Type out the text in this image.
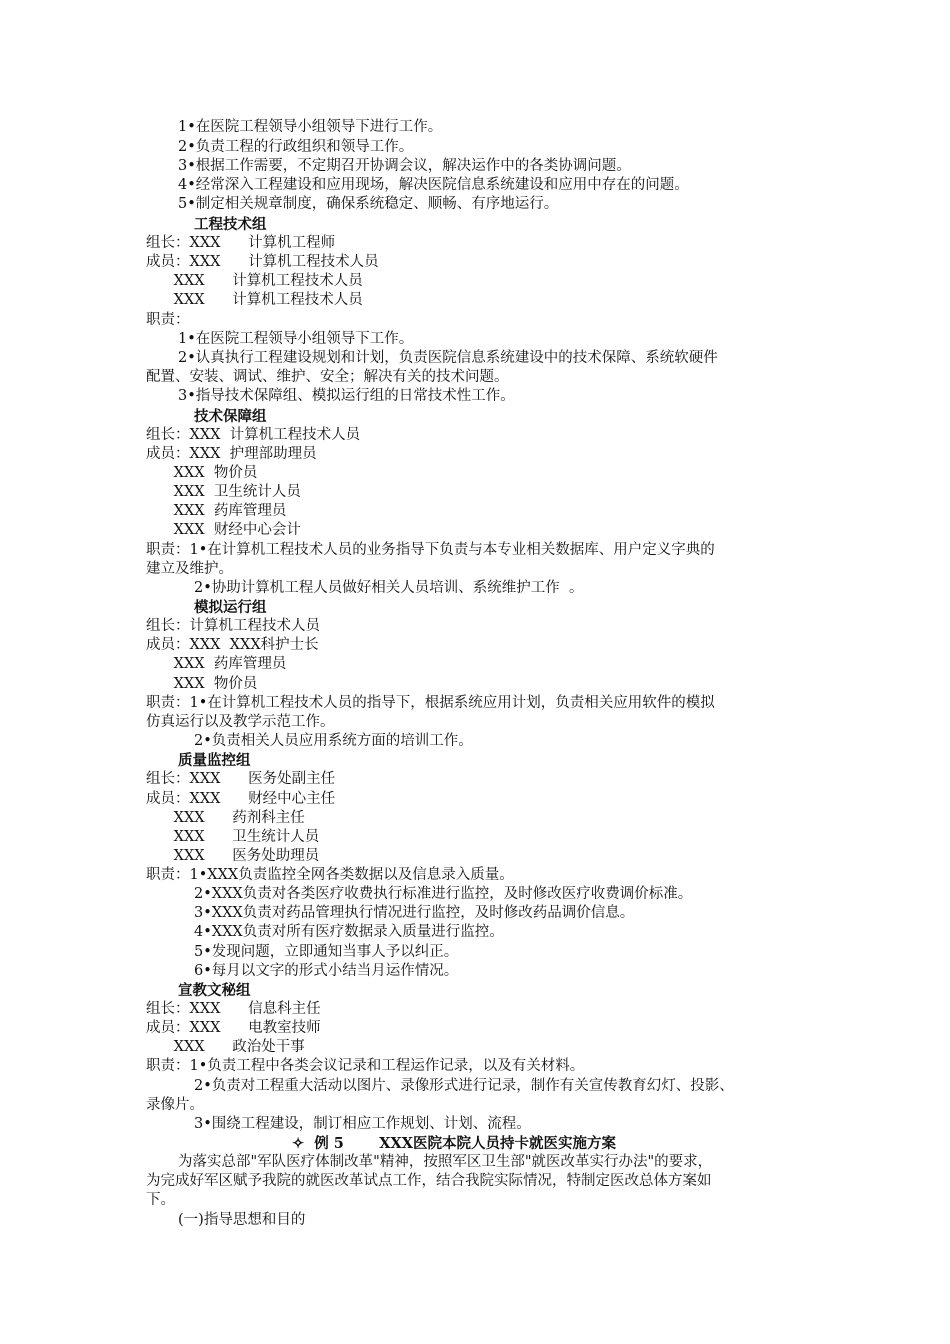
1•在医院工程领导小组领导下进行工作。
2•负责工程的行政组织和领导工作。
3•根据工作需要，不定期召开协调会议，解决运作中的各类协调问题。
4•经常深入工程建设和应用现场，解决医院信息系统建设和应用中存在的问题。
5•制定相关规章制度，确保系统稳定、顺畅、有序地运行。
工程技术组
组长：XXX      计算机工程师
成员：XXX      计算机工程技术人员
XXX      计算机工程技术人员
XXX      计算机工程技术人员
职责：
1•在医院工程领导小组领导下工作。
2•认真执行工程建设规划和计划，负责医院信息系统建设中的技术保障、系统软硬件
配置、安装、调试、维护、安全；解决有关的技术问题。
3•指导技术保障组、模拟运行组的日常技术性工作。
技术保障组
组长：XXX  计算机工程技术人员
成员：XXX  护理部助理员
XXX  物价员
XXX  卫生统计人员
XXX  药库管理员
XXX  财经中心会计
职责：1•在计算机工程技术人员的业务指导下负责与本专业相关数据库、用户定义字典的
建立及维护。
2•协助计算机工程人员做好相关人员培训、系统维护工作  。
模拟运行组
组长：计算机工程技术人员
成员：XXX  XXX科护士长
XXX  药库管理员
XXX  物价员
职责：1•在计算机工程技术人员的指导下，根据系统应用计划，负责相关应用软件的模拟
仿真运行以及教学示范工作。
2•负责相关人员应用系统方面的培训工作。
质量监控组
组长：XXX      医务处副主任
成员：XXX      财经中心主任
XXX      药剂科主任
XXX      卫生统计人员
XXX      医务处助理员
职责：1•XXX负责监控全网各类数据以及信息录入质量。
2•XXX负责对各类医疗收费执行标准进行监控，及时修改医疗收费调价标准。
3•XXX负责对药品管理执行情况进行监控，及时修改药品调价信息。
4•XXX负责对所有医疗数据录入质量进行监控。
5•发现问题，立即通知当事人予以纠正。
6•每月以文字的形式小结当月运作情况。
宣教文秘组
组长：XXX      信息科主任
成员：XXX      电教室技师
XXX      政治处干事
职责：1•负责工程中各类会议记录和工程运作记录，以及有关材料。
2•负责对工程重大活动以图片、录像形式进行记录，制作有关宣传教育幻灯、投影、
录像片。
3•围绕工程建设，制订相应工作规划、计划、流程。
✧  例 5       XXX医院本院人员持卡就医实施方案
为落实总部"军队医疗体制改革"精神，按照军区卫生部"就医改革实行办法"的要求，
为完成好军区赋予我院的就医改革试点工作，结合我院实际情况，特制定医改总体方案如
下。
(一)指导思想和目的
